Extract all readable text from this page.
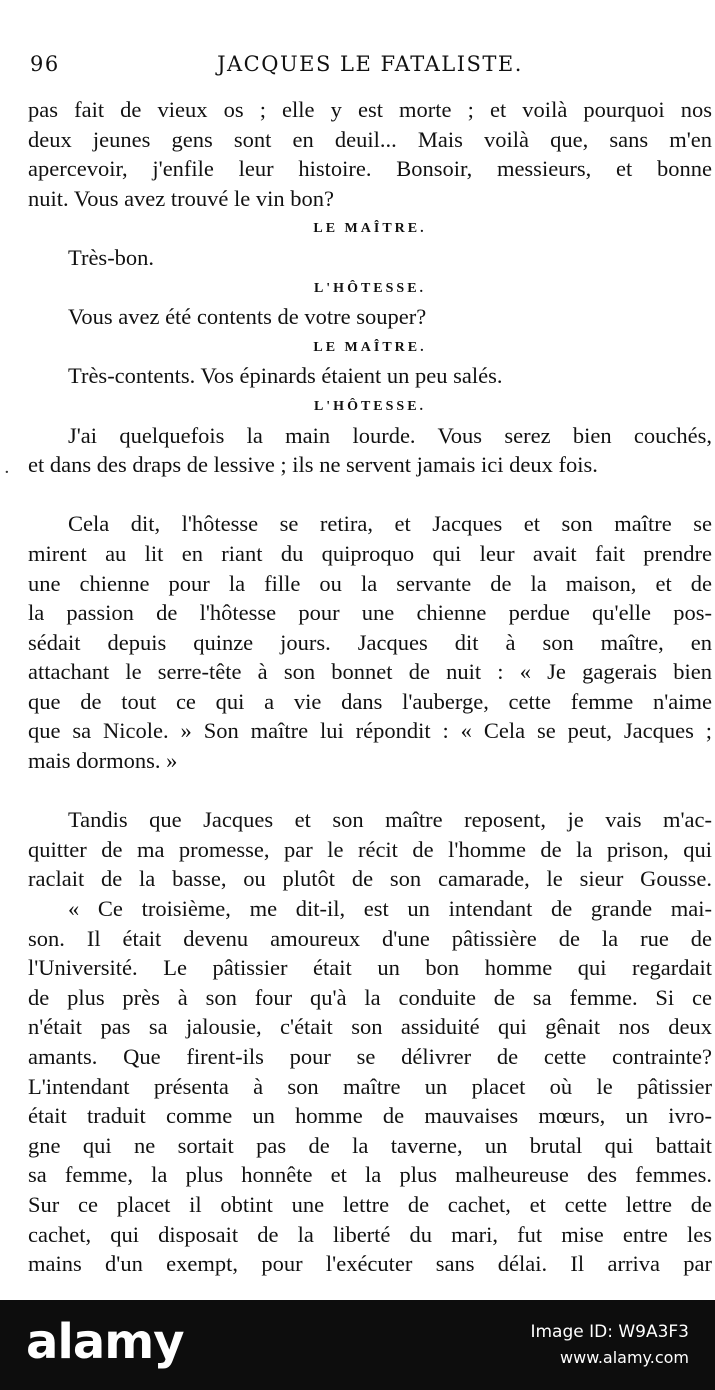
96	JACQUES LE FATALISTE.
·
pas fait de vieux os ; elle y est morte ; et voilà pourquoi nos
deux jeunes gens sont en deuil... Mais voilà que, sans m'en
apercevoir, j'enfile leur histoire. Bonsoir, messieurs, et bonne
nuit. Vous avez trouvé le vin bon?
LE MAÎTRE.
Très-bon.
L'HÔTESSE.
Vous avez été contents de votre souper?
LE MAÎTRE.
Très-contents. Vos épinards étaient un peu salés.
L'HÔTESSE.
J'ai quelquefois la main lourde. Vous serez bien couchés,
et dans des draps de lessive ; ils ne servent jamais ici deux fois.
Cela dit, l'hôtesse se retira, et Jacques et son maître se
mirent au lit en riant du quiproquo qui leur avait fait prendre
une chienne pour la fille ou la servante de la maison, et de
la passion de l'hôtesse pour une chienne perdue qu'elle pos-
sédait depuis quinze jours. Jacques dit à son maître, en
attachant le serre-tête à son bonnet de nuit : « Je gagerais bien
que de tout ce qui a vie dans l'auberge, cette femme n'aime
que sa Nicole. » Son maître lui répondit : « Cela se peut, Jacques ;
mais dormons. »
Tandis que Jacques et son maître reposent, je vais m'ac-
quitter de ma promesse, par le récit de l'homme de la prison, qui
raclait de la basse, ou plutôt de son camarade, le sieur Gousse.
« Ce troisième, me dit-il, est un intendant de grande mai-
son. Il était devenu amoureux d'une pâtissière de la rue de
l'Université. Le pâtissier était un bon homme qui regardait
de plus près à son four qu'à la conduite de sa femme. Si ce
n'était pas sa jalousie, c'était son assiduité qui gênait nos deux
amants. Que firent-ils pour se délivrer de cette contrainte?
L'intendant présenta à son maître un placet où le pâtissier
était traduit comme un homme de mauvaises mœurs, un ivro-
gne qui ne sortait pas de la taverne, un brutal qui battait
sa femme, la plus honnête et la plus malheureuse des femmes.
Sur ce placet il obtint une lettre de cachet, et cette lettre de
cachet, qui disposait de la liberté du mari, fut mise entre les
mains d'un exempt, pour l'exécuter sans délai. Il arriva par
alamy	Image ID: W9A3F3
www.alamy.com
